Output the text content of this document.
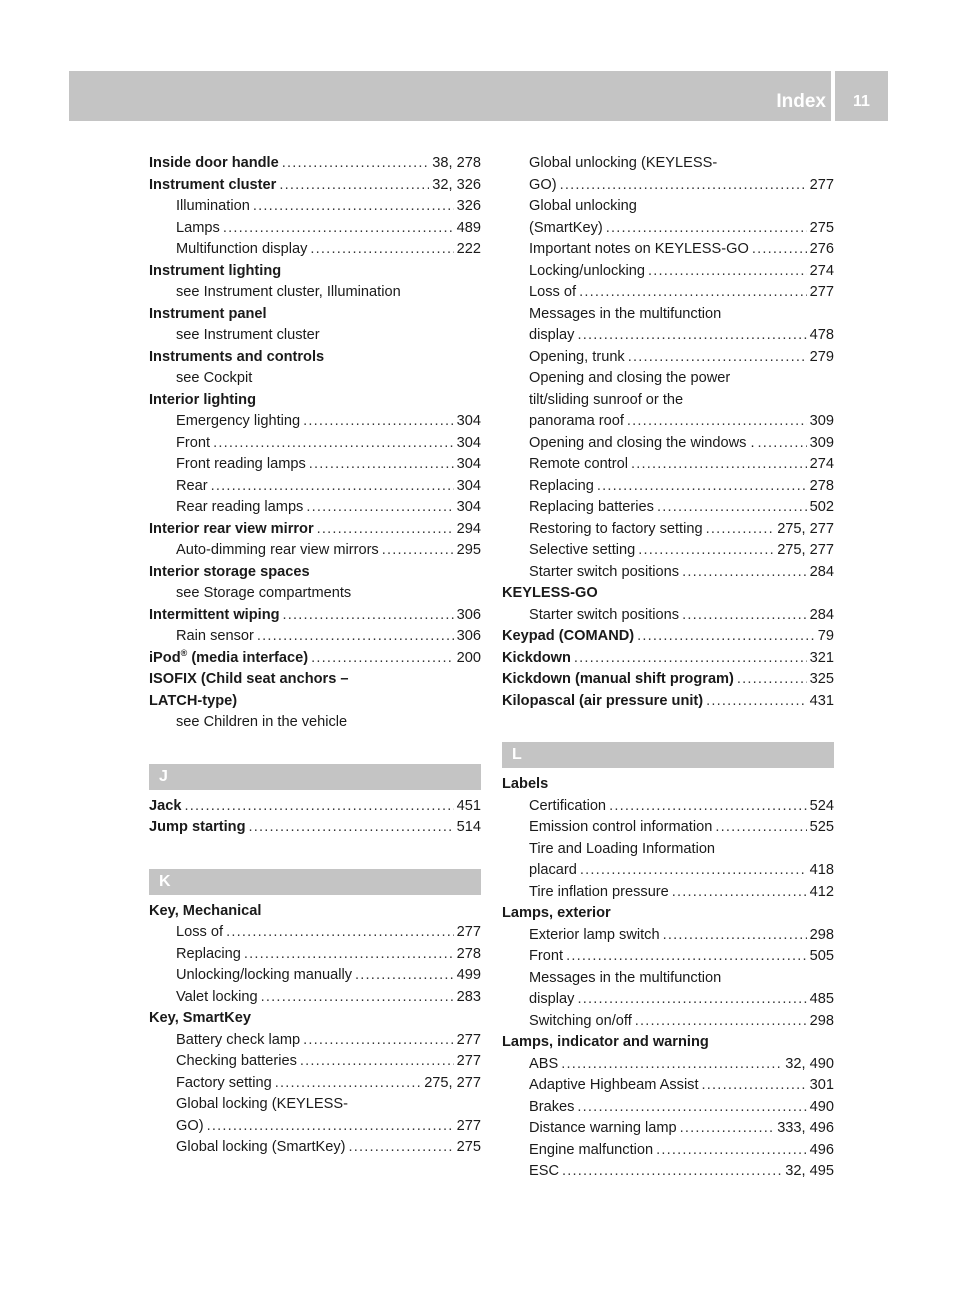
Index	11
Inside door handle .....	38, 278
Instrument cluster .....	32, 326
Illumination .....	326
Lamps .....	489
Multifunction display .....	222
Instrument lighting
see Instrument cluster, Illumination
Instrument panel
see Instrument cluster
Instruments and controls
see Cockpit
Interior lighting
Emergency lighting .....	304
Front .....	304
Front reading lamps .....	304
Rear .....	304
Rear reading lamps .....	304
Interior rear view mirror .....	294
Auto-dimming rear view mirrors .....	295
Interior storage spaces
see Storage compartments
Intermittent wiping .....	306
Rain sensor .....	306
iPod® (media interface) .....	200
ISOFIX (Child seat anchors –
LATCH-type)
see Children in the vehicle
J
Jack .....	451
Jump starting .....	514
K
Key, Mechanical
Loss of .....	277
Replacing .....	278
Unlocking/locking manually .....	499
Valet locking .....	283
Key, SmartKey
Battery check lamp .....	277
Checking batteries .....	277
Factory setting .....	275, 277
Global locking (KEYLESS-
GO) .....	277
Global locking (SmartKey) .....	275
Global unlocking (KEYLESS-
GO) .....	277
Global unlocking
(SmartKey) .....	275
Important notes on KEYLESS-GO .....	276
Locking/unlocking .....	274
Loss of .....	277
Messages in the multifunction
display .....	478
Opening, trunk .....	279
Opening and closing the power
tilt/sliding sunroof or the
panorama roof .....	309
Opening and closing the windows . .....	309
Remote control .....	274
Replacing .....	278
Replacing batteries .....	502
Restoring to factory setting .....	275, 277
Selective setting .....	275, 277
Starter switch positions .....	284
KEYLESS-GO
Starter switch positions .....	284
Keypad (COMAND) .....	79
Kickdown .....	321
Kickdown (manual shift program) .....	325
Kilopascal (air pressure unit) .....	431
L
Labels
Certification .....	524
Emission control information .....	525
Tire and Loading Information
placard .....	418
Tire inflation pressure .....	412
Lamps, exterior
Exterior lamp switch .....	298
Front .....	505
Messages in the multifunction
display .....	485
Switching on/off .....	298
Lamps, indicator and warning
ABS .....	32, 490
Adaptive Highbeam Assist .....	301
Brakes .....	490
Distance warning lamp .....	333, 496
Engine malfunction .....	496
ESC .....	32, 495
